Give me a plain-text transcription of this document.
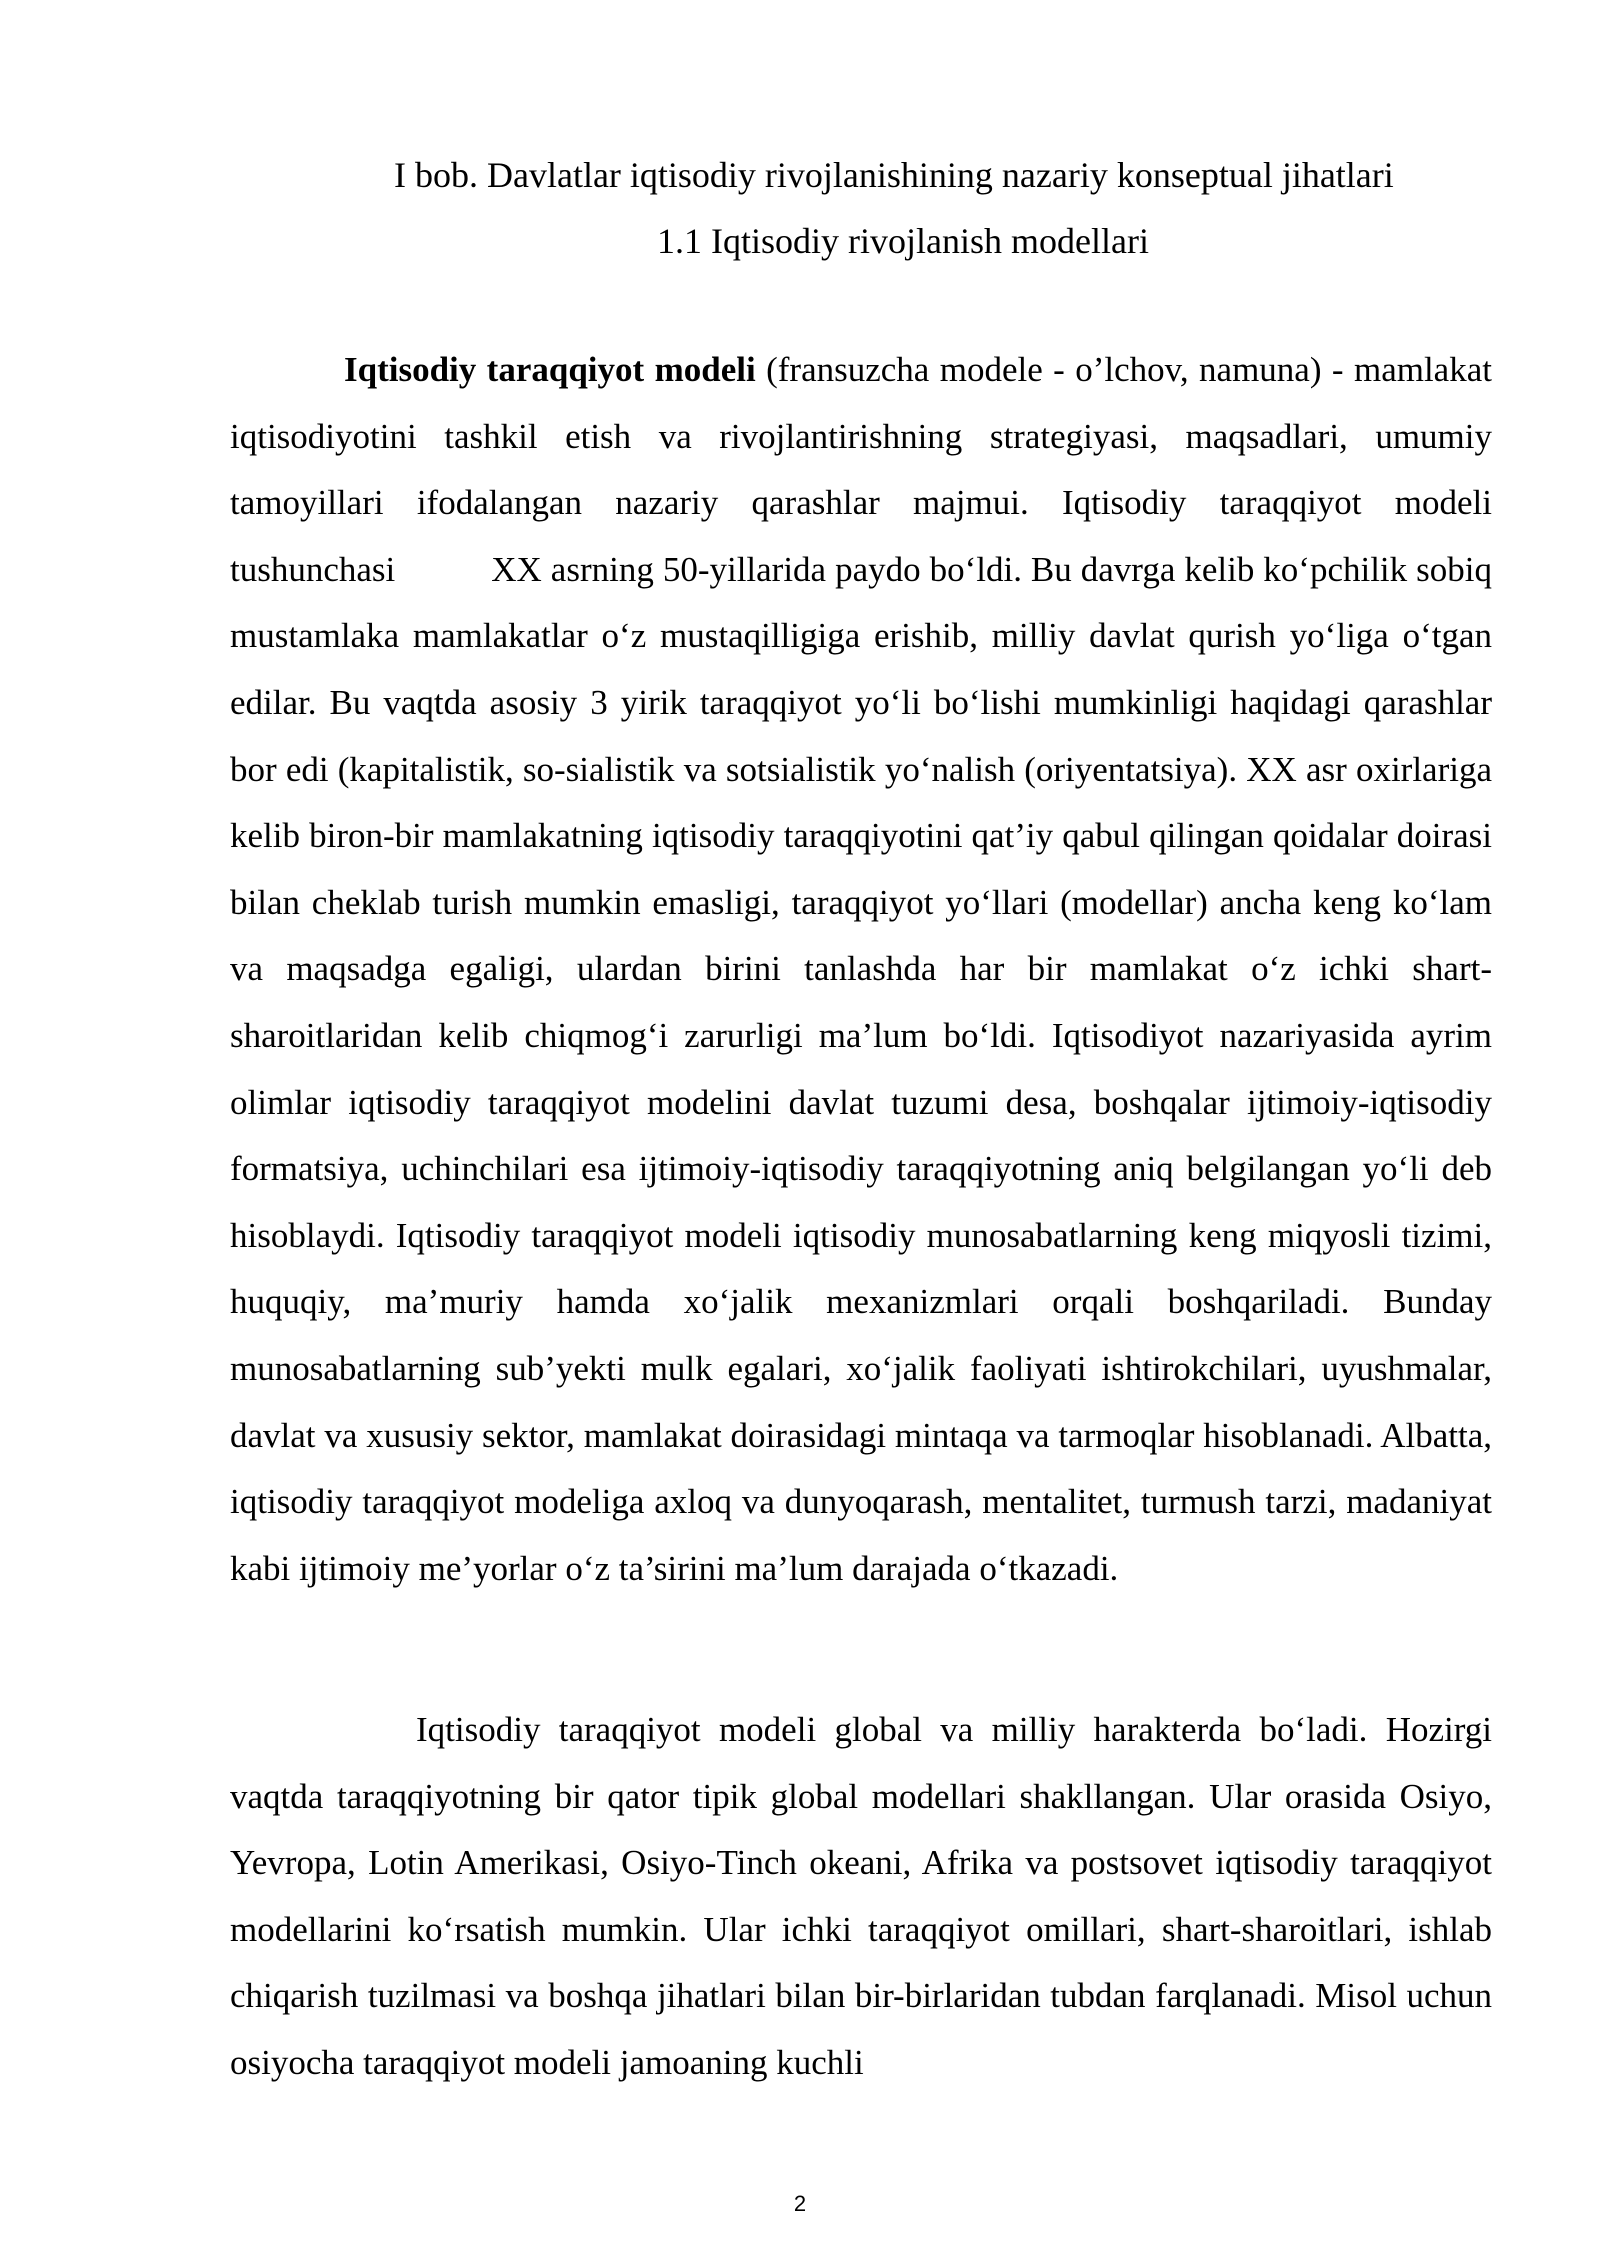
I bob. Davlatlar iqtisodiy rivojlanishining nazariy konseptual jihatlari
1.1 Iqtisodiy rivojlanish modellari

Iqtisodiy taraqqiyot modeli (fransuzcha modele - o’lchov, namuna) - mamlakat iqtisodiyotini tashkil etish va rivojlantirishning strategiyasi, maqsadlari, umumiy tamoyillari ifodalangan nazariy qarashlar majmui. Iqtisodiy taraqqiyot modeli tushunchasi	XX asrning 50-yillarida paydo bo‘ldi. Bu davrga kelib ko‘pchilik sobiq mustamlaka mamlakatlar o‘z mustaqilligiga erishib, milliy davlat qurish yo‘liga o‘tgan edilar. Bu vaqtda asosiy 3 yirik taraqqiyot yo‘li bo‘lishi mumkinligi haqidagi qarashlar bor edi (kapitalistik, so-sialistik va sotsialistik yo‘nalish (oriyentatsiya). XX asr oxirlariga kelib biron-bir mamlakatning iqtisodiy taraqqiyotini qat’iy qabul qilingan qoidalar doirasi bilan cheklab turish mumkin emasligi, taraqqiyot yo‘llari (modellar) ancha keng ko‘lam va maqsadga egaligi, ulardan birini tanlashda har bir mamlakat o‘z ichki shart-sharoitlaridan kelib chiqmog‘i zarurligi ma’lum bo‘ldi. Iqtisodiyot nazariyasida ayrim olimlar iqtisodiy taraqqiyot modelini davlat tuzumi desa, boshqalar ijtimoiy-iqtisodiy formatsiya, uchinchilari esa ijtimoiy-iqtisodiy taraqqiyotning aniq belgilangan yo‘li deb hisoblaydi. Iqtisodiy taraqqiyot modeli iqtisodiy munosabatlarning keng miqyosli tizimi, huquqiy, ma’muriy hamda xo‘jalik mexanizmlari orqali boshqariladi. Bunday munosabatlarning sub’yekti mulk egalari, xo‘jalik faoliyati ishtirokchilari, uyushmalar, davlat va xususiy sektor, mamlakat doirasidagi mintaqa va tarmoqlar hisoblanadi. Albatta, iqtisodiy taraqqiyot modeliga axloq va dunyoqarash, mentalitet, turmush tarzi, madaniyat kabi ijtimoiy me’yorlar o‘z ta’sirini ma’lum darajada o‘tkazadi.

Iqtisodiy taraqqiyot modeli global va milliy harakterda bo‘ladi. Hozirgi vaqtda taraqqiyotning bir qator tipik global modellari shakllangan. Ular orasida Osiyo, Yevropa, Lotin Amerikasi, Osiyo-Tinch okeani, Afrika va postsovet iqtisodiy taraqqiyot modellarini ko‘rsatish mumkin. Ular ichki taraqqiyot omillari, shart-sharoitlari, ishlab chiqarish tuzilmasi va boshqa jihatlari bilan bir-birlaridan tubdan farqlanadi. Misol uchun osiyocha taraqqiyot modeli jamoaning kuchli

2
